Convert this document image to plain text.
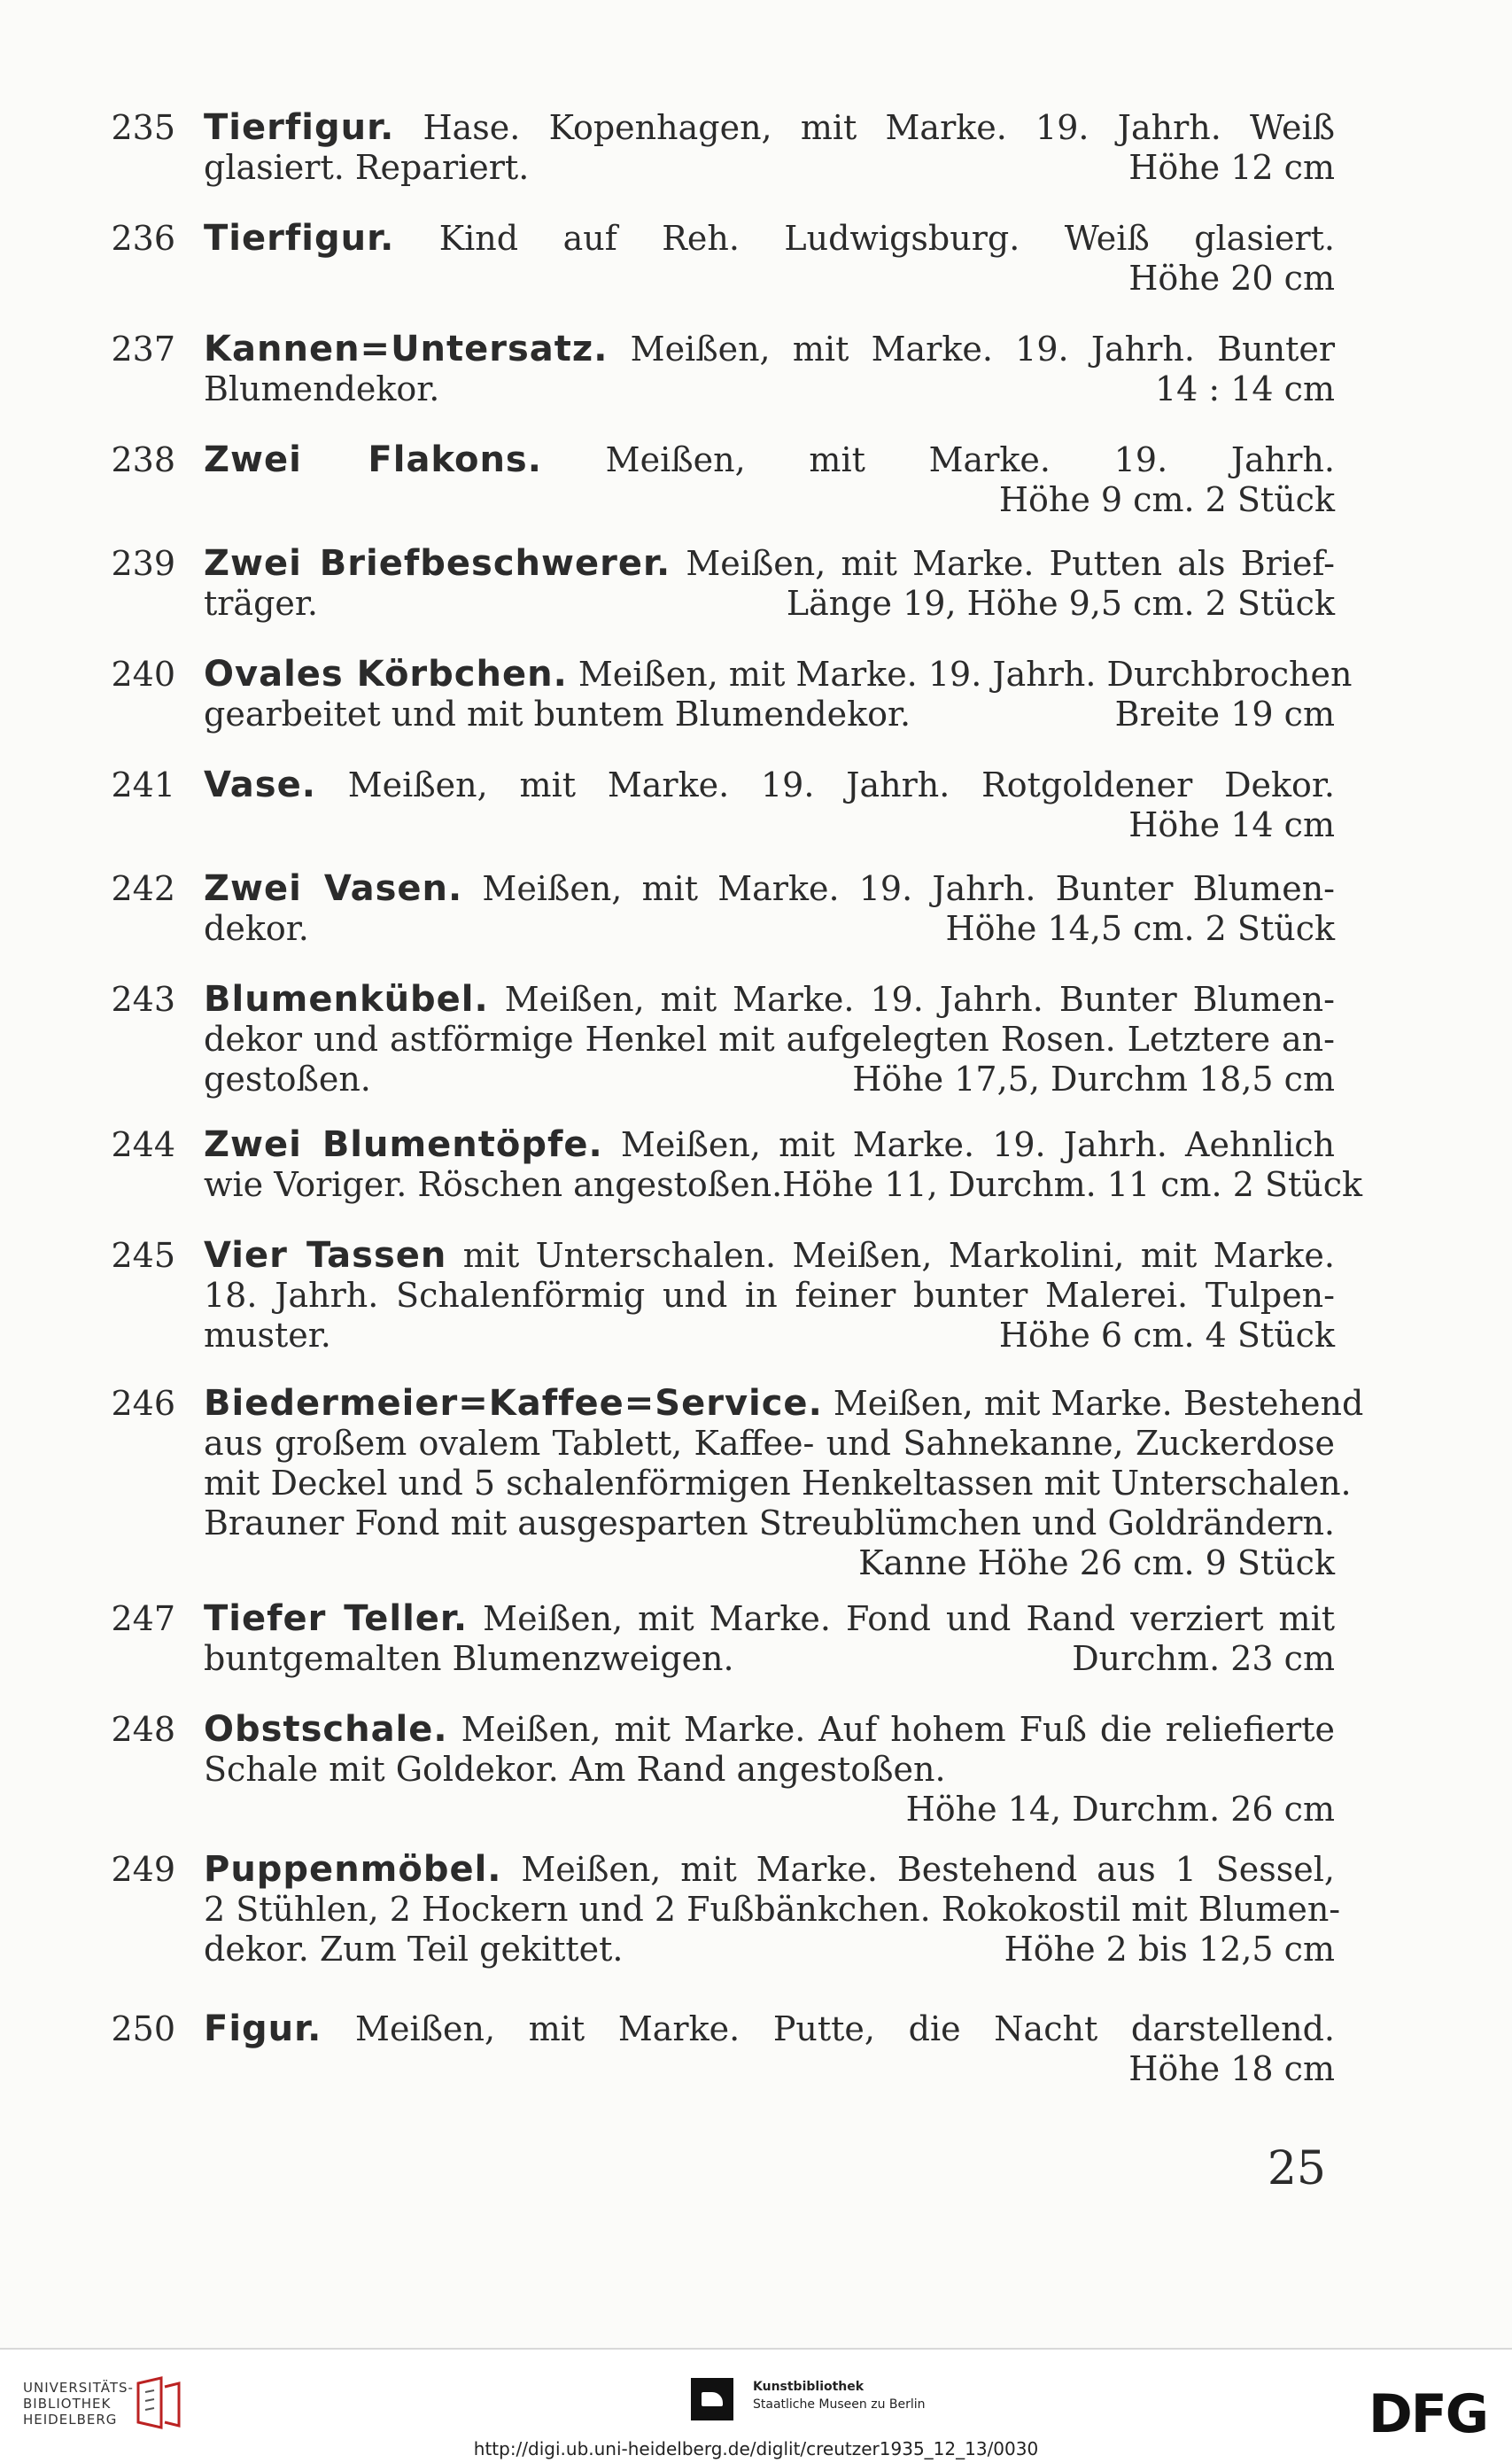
235 Tierfigur. Hase. Kopenhagen, mit Marke. 19. Jahrh. Weiß
glasiert. Repariert.	Höhe 12 cm
236 Tierfigur. Kind auf Reh. Ludwigsburg. Weiß glasiert.
Höhe 20 cm
237 Kannen=Untersatz. Meißen, mit Marke. 19. Jahrh. Bunter
Blumendekor.	14 : 14 cm
238 Zwei Flakons. Meißen, mit Marke. 19. Jahrh.
Höhe 9 cm. 2 Stück
239 Zwei Briefbeschwerer. Meißen, mit Marke. Putten als Brief-
träger.	Länge 19, Höhe 9,5 cm. 2 Stück
240 Ovales Körbchen. Meißen, mit Marke. 19. Jahrh. Durchbrochen
gearbeitet und mit buntem Blumendekor.	Breite 19 cm
241 Vase. Meißen, mit Marke. 19. Jahrh. Rotgoldener Dekor.
Höhe 14 cm
242 Zwei Vasen. Meißen, mit Marke. 19. Jahrh. Bunter Blumen-
dekor.	Höhe 14,5 cm. 2 Stück
243 Blumenkübel. Meißen, mit Marke. 19. Jahrh. Bunter Blumen-
dekor und astförmige Henkel mit aufgelegten Rosen. Letztere an-
gestoßen.	Höhe 17,5, Durchm 18,5 cm
244 Zwei Blumentöpfe. Meißen, mit Marke. 19. Jahrh. Aehnlich
wie Voriger. Röschen angestoßen. Höhe 11, Durchm. 11 cm. 2 Stück
245 Vier Tassen mit Unterschalen. Meißen, Markolini, mit Marke.
18. Jahrh. Schalenförmig und in feiner bunter Malerei. Tulpen-
muster.	Höhe 6 cm. 4 Stück
246 Biedermeier=Kaffee=Service. Meißen, mit Marke. Bestehend
aus großem ovalem Tablett, Kaffee- und Sahnekanne, Zuckerdose
mit Deckel und 5 schalenförmigen Henkeltassen mit Unterschalen.
Brauner Fond mit ausgesparten Streublümchen und Goldrändern.
Kanne Höhe 26 cm. 9 Stück
247 Tiefer Teller. Meißen, mit Marke. Fond und Rand verziert mit
buntgemalten Blumenzweigen.	Durchm. 23 cm
248 Obstschale. Meißen, mit Marke. Auf hohem Fuß die reliefierte
Schale mit Goldekor. Am Rand angestoßen.
Höhe 14, Durchm. 26 cm
249 Puppenmöbel. Meißen, mit Marke. Bestehend aus 1 Sessel,
2 Stühlen, 2 Hockern und 2 Fußbänkchen. Rokokostil mit Blumen-
dekor. Zum Teil gekittet.	Höhe 2 bis 12,5 cm
250 Figur. Meißen, mit Marke. Putte, die Nacht darstellend.
Höhe 18 cm
25
UNIVERSITÄTS-
BIBLIOTHEK
HEIDELBERG
Kunstbibliothek
Staatliche Museen zu Berlin	DFG
http://digi.ub.uni-heidelberg.de/diglit/creutzer1935_12_13/0030
